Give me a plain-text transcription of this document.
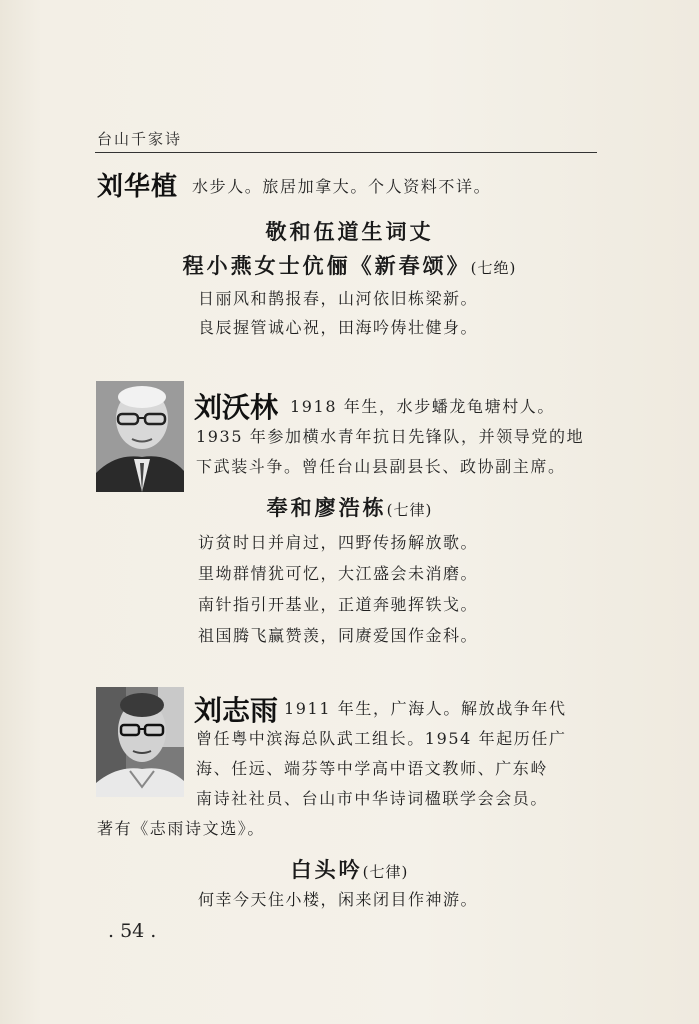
台山千家诗
刘华植 水步人。旅居加拿大。个人资料不详。
敬和伍道生词丈
程小燕女士伉俪《新春颂》(七绝)
日丽风和鹊报春，山河依旧栋梁新。
良辰握管诚心祝，田海吟俦壮健身。
刘沃林 1918 年生，水步蟠龙龟塘村人。
1935 年参加横水青年抗日先锋队，并领导党的地
下武装斗争。曾任台山县副县长、政协副主席。
奉和廖浩栋(七律)
访贫时日并肩过，四野传扬解放歌。
里坳群情犹可忆，大江盛会未消磨。
南针指引开基业，正道奔驰挥铁戈。
祖国腾飞赢赞羡，同赓爱国作金科。
刘志雨 1911 年生，广海人。解放战争年代
曾任粤中滨海总队武工组长。1954 年起历任广
海、任远、端芬等中学高中语文教师、广东岭
南诗社社员、台山市中华诗词楹联学会会员。
著有《志雨诗文选》。
白头吟(七律)
何幸今天住小楼，闲来闭目作神游。
. 54 .
